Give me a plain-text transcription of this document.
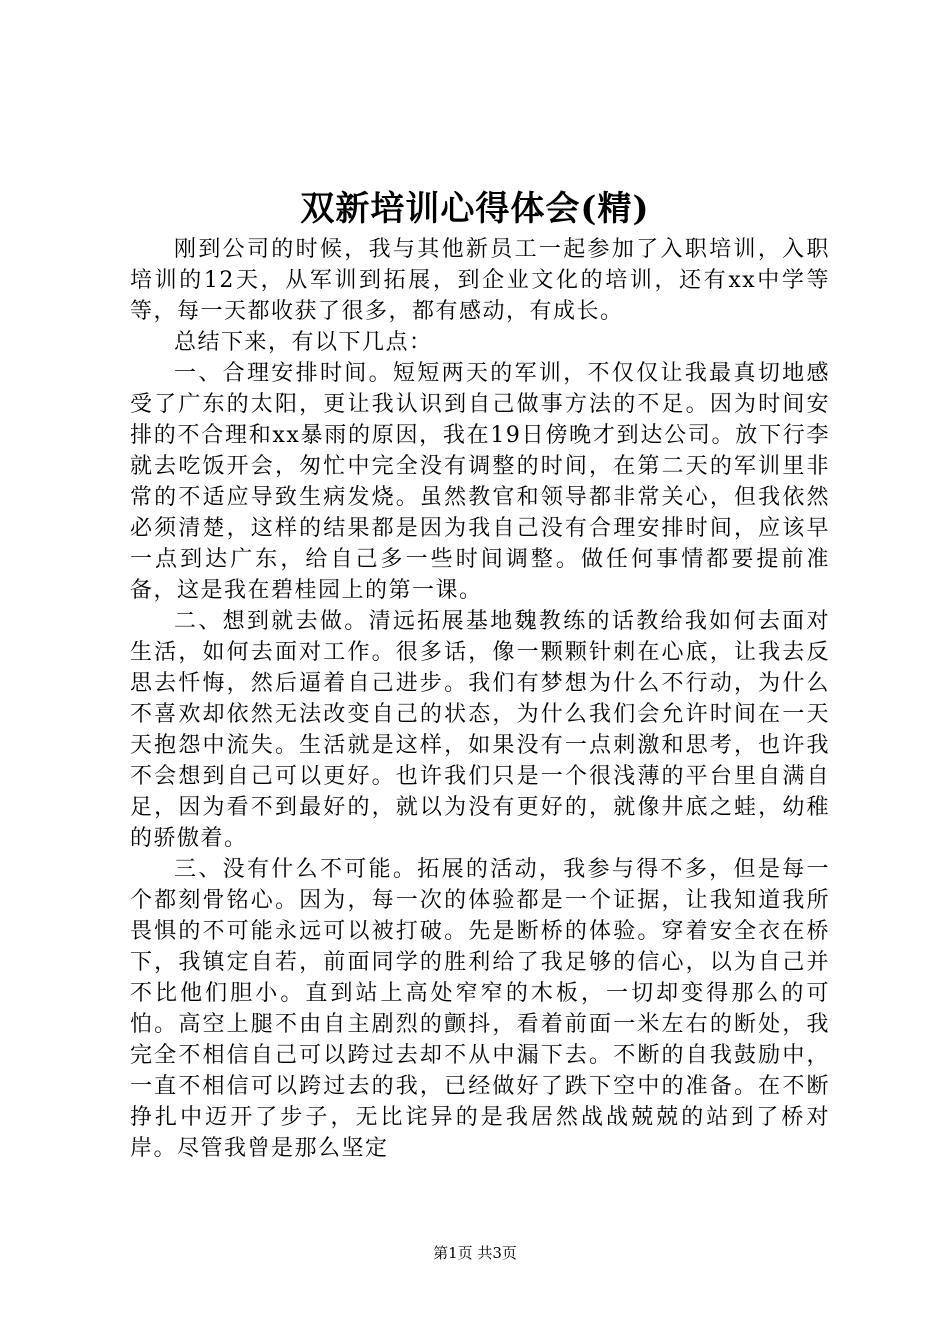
双新培训心得体会(精)

刚到公司的时候，我与其他新员工一起参加了入职培训，入职培训的12天，从军训到拓展，到企业文化的培训，还有xx中学等等，每一天都收获了很多，都有感动，有成长。

总结下来，有以下几点：

一、合理安排时间。短短两天的军训，不仅仅让我最真切地感受了广东的太阳，更让我认识到自己做事方法的不足。因为时间安排的不合理和xx暴雨的原因，我在19日傍晚才到达公司。放下行李就去吃饭开会，匆忙中完全没有调整的时间，在第二天的军训里非常的不适应导致生病发烧。虽然教官和领导都非常关心，但我依然必须清楚，这样的结果都是因为我自己没有合理安排时间，应该早一点到达广东，给自己多一些时间调整。做任何事情都要提前准备，这是我在碧桂园上的第一课。

二、想到就去做。清远拓展基地魏教练的话教给我如何去面对生活，如何去面对工作。很多话，像一颗颗针刺在心底，让我去反思去忏悔，然后逼着自己进步。我们有梦想为什么不行动，为什么不喜欢却依然无法改变自己的状态，为什么我们会允许时间在一天天抱怨中流失。生活就是这样，如果没有一点刺激和思考，也许我不会想到自己可以更好。也许我们只是一个很浅薄的平台里自满自足，因为看不到最好的，就以为没有更好的，就像井底之蛙，幼稚的骄傲着。

三、没有什么不可能。拓展的活动，我参与得不多，但是每一个都刻骨铭心。因为，每一次的体验都是一个证据，让我知道我所畏惧的不可能永远可以被打破。先是断桥的体验。穿着安全衣在桥下，我镇定自若，前面同学的胜利给了我足够的信心，以为自己并不比他们胆小。直到站上高处窄窄的木板，一切却变得那么的可怕。高空上腿不由自主剧烈的颤抖，看着前面一米左右的断处，我完全不相信自己可以跨过去却不从中漏下去。不断的自我鼓励中，一直不相信可以跨过去的我，已经做好了跌下空中的准备。在不断挣扎中迈开了步子，无比诧异的是我居然战战兢兢的站到了桥对岸。尽管我曾是那么坚定

第1页 共3页
